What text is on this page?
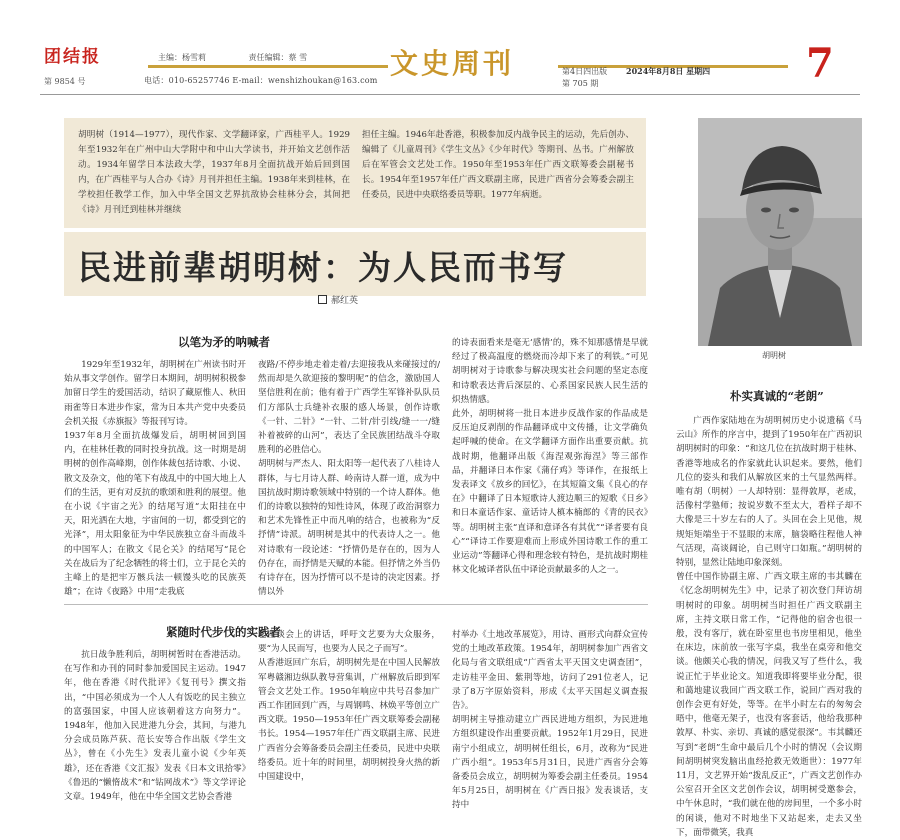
团结报
第 9854 号
主编：杨雪莉	责任编辑：蔡 雪
电话：010-65257746 E-mail：wenshizhoukan@163.com
文史周刊	第4日四出版
第 705 期
2024年8月8日 星期四 7
胡明树（1914—1977），现代作家、文学翻译家，广西桂平人。1929年至1932年在广州中山大学附中和中山大学读书，并开始文艺创作活动。1934年留学日本法政大学，1937年8月全面抗战开始后回到国内，在广西桂平与人合办《诗》月刊并担任主编。1938年来到桂林，在学校担任教学工作，加入中华全国文艺界抗敌协会桂林分会，其间把《诗》月刊迁到桂林并继续
担任主编。1946年赴香港，积极参加反内战争民主的运动，先后创办、编辑了《儿童周刊》《学生文丛》《少年时代》等期刊、丛书。广州解放后在军管会文艺处工作。1950年至1953年任广西文联筹委会副秘书长。1954年至1957年任广西文联副主席，民进广西省分会筹委会副主任委员，民进中央联络委员等职。1977年病逝。
民进前辈胡明树：为人民而书写
郝红英
胡明树
以笔为矛的呐喊者

1929年至1932年，胡明树在广州读书时开始从事文学创作。留学日本期间，胡明树积极参加留日学生的爱国活动，结识了藏原惟人、秋田雨雀等日本进步作家，常为日本共产党中央委员会机关报《赤旗报》等报刊写诗。
1937年8月全面抗战爆发后，胡明树回到国内，在桂林任教的同时投身抗战。这一时期是胡明树的创作高峰期，创作体裁包括诗歌、小说、散文及杂文，他的笔下有战乱中的中国大地上人们的生活，更有对反抗的歌颂和胜利的展望。他在小说《宇宙之光》的结尾写道“太阳挂在中天，阳光洒在大地，宇宙间的一切，都受到它的光泽”，用太阳象征为中华民族独立奋斗而战斗的中国军人；在散文《昆仑关》的结尾写“昆仑关在战后为了纪念牺牲的将士们，立于昆仑关的主峰上的是把牢万骸兵法一顿馒头吃的民族英雄”；在诗《夜路》中用“走我底

夜路/不停步地走着走着/去迎接我从来碰接过的/然而却是久欲迎接的黎明呢”的信念，激励国人坚信胜利在前；他有着于广西学生军锋补队队员们方部队士兵缝补衣服的感人场景，创作诗歌《一针、二针》“一针、二针/针引线/缝一一/缝补着被碎的山河”，表达了全民族团结战斗夺取胜利的必胜信心。
胡明树与严杰人、阳太阳等一起代表了八桂诗人群体，与七月诗人群、岭南诗人群一道，成为中国抗战时期诗歌领域中特别的一个诗人群体。他们的诗歌以独特的知性诗风，体现了政治洞察力和艺术先锋性正中而凡响的结合，也被称为“反抒情”诗派。胡明树是其中的代表诗人之一。他对诗歌有一段论述：“抒情仍是存在的，因为人仍存在，而抒情是天赋的本能。但抒情之外当仍有诗存在，因为抒情可以不是诗的决定因素。抒情以外

的诗表面看来是毫无‘感情’的，殊不知那感情是早就经过了极高温度的燃烧而冷却下来了的利铁。”可见胡明树对于诗歌参与解决现实社会问题的坚定态度和诗歌表达背后深层的、心系国家民族人民生活的炽热情感。
此外，胡明树将一批日本进步反战作家的作品成是反压迫反剥削的作品翻译成中文传播，让文学确负起呼喊的使命。在文学翻译方面作出重要贡献。抗战时期，他翻译出版《海涅观弥海涅》等三部作品，并翻译日本作家《蒲仔鸡》等译作，在报纸上发表译文《放乡的回忆》，在其短篇文集《良心的存在》中翻译了日本短歌诗人渡边顺三的短歌《日乡》和日本童话作家、童话诗人槙本楠郎的《青的民衣》等。胡明树主张“直译和意译各有其优”“译者要有良心”“译诗工作要迎难而上形成外国诗歌工作的重工业运动”等翻译心得和理念较有特色，是抗战时期桂林文化城译者队伍中译论贡献最多的人之一。

紧随时代步伐的实践者

抗日战争胜利后，胡明树暂时在香港活动。在写作和办刊的同时参加爱国民主运动。1947年，他在香港《时代批评》《复刊号》撰文指出，“中国必须成为一个人人有饭吃的民主独立的富强国家，中国人应该朝着这方向努力”。1948年，他加入民进港九分会，其间，与港九分会成员陈芦荻、范长安等合作出版《学生文丛》，曾在《小先生》发表儿童小说《少年英雄》，还在香港《文汇报》发表《日本文讯拾零》《鲁迅的“懒惰战术”和“钻网战术”》等文学评论文章。1949年，他在中华全国文艺协会香港

艺座谈会上的讲话，呼吁文艺要为大众服务，要“为人民而写，也要为人民之子而写”。
从香港返回广东后，胡明树先是在中国人民解放军粤赣湘边纵队教导营集训，广州解放后即到军管会文艺处工作。1950年响应中共号召参加广西工作团回到广西，与周钢鸣、林焕平等创立广西文联。1950—1953年任广西文联筹委会副秘书长。1954—1957年任广西文联副主席、民进广西省分会筹备委员会副主任委员，民进中央联络委员。近十年的时间里，胡明树投身火热的新中国建设中，

村举办《土地改革展览》，用诗、画形式向群众宣传党的土地改革政策。1954年，胡明树参加广西省文化局与省文联组成“广西省太平天国文史调查团”，走访桂平金田、紫荆等地，访问了291位老人，记录了8万字原始资料，形成《太平天国起义调查报告》。
胡明树主导推动建立广西民进地方组织，为民进地方组织建设作出重要贡献。1952年1月29日，民进南宁小组成立，胡明树任组长，6月，改称为“民进广西小组”。1953年5月31日，民进广西省分会筹备委员会成立，胡明树为筹委会副主任委员。1954年5月25日，胡明树在《广西日报》发表谈话，支持中

朴实真诚的“老朗”

广西作家陆地在为胡明树历史小说遗稿《马云山》所作的序言中，提到了1950年在广西初识胡明树时的印象：“和这几位在抗战时期于桂林、香港等地成名的作家就此认识起来。要然，他们几位的姿头和我们从解放区来的土气显然两样。唯有胡（明树）一人却特别：显得敦厚，老成，活像村学塾师；按说岁数不至太大，看样子却不大像是三十岁左右的人了。头回在会上见他，规规矩矩端坐于不显眼的末席，脑袋略往程他人神气活现，高谈阔论，自己则守口如瓶。”胡明树的特别，显然让陆地印象深刻。
曾任中国作协副主席、广西文联主席的韦其麟在《忆念胡明树先生》中，记录了初次登门拜访胡明树时的印象。胡明树当时担任广西文联副主席，主持文联日常工作，“记得他的宿舍也很一般，没有客厅，就在卧室里也书房里相见，他坐在床边，床前放一张写字桌，我坐在桌旁和他交谈。他颇关心我的情况，问我又写了些什么，我说正忙于毕业论文。知道我即将要毕业分配，很和蔼地建议我回广西文联工作，说回广西对我的创作会更有好处，等等。在半小时左右的匆匆会晤中，他毫无架子，也没有客套话，他给我那种敦厚、朴实、亲切、真诚的感觉很深”。韦其麟还写到“老朗”生命中最后几个小时的情况（会议期间胡明树突发脑出血经抢救无效逝世）：1977年11月，文艺界开始“拨乱反正”，广西文艺创作办公室召开全区文艺创作会议，胡明树受邀参会，中午休息时，“我们就在他的房间里，一个多小时的闲谈，他对不时地坐下又站起来，走去又坐下，面带微笑，我真
